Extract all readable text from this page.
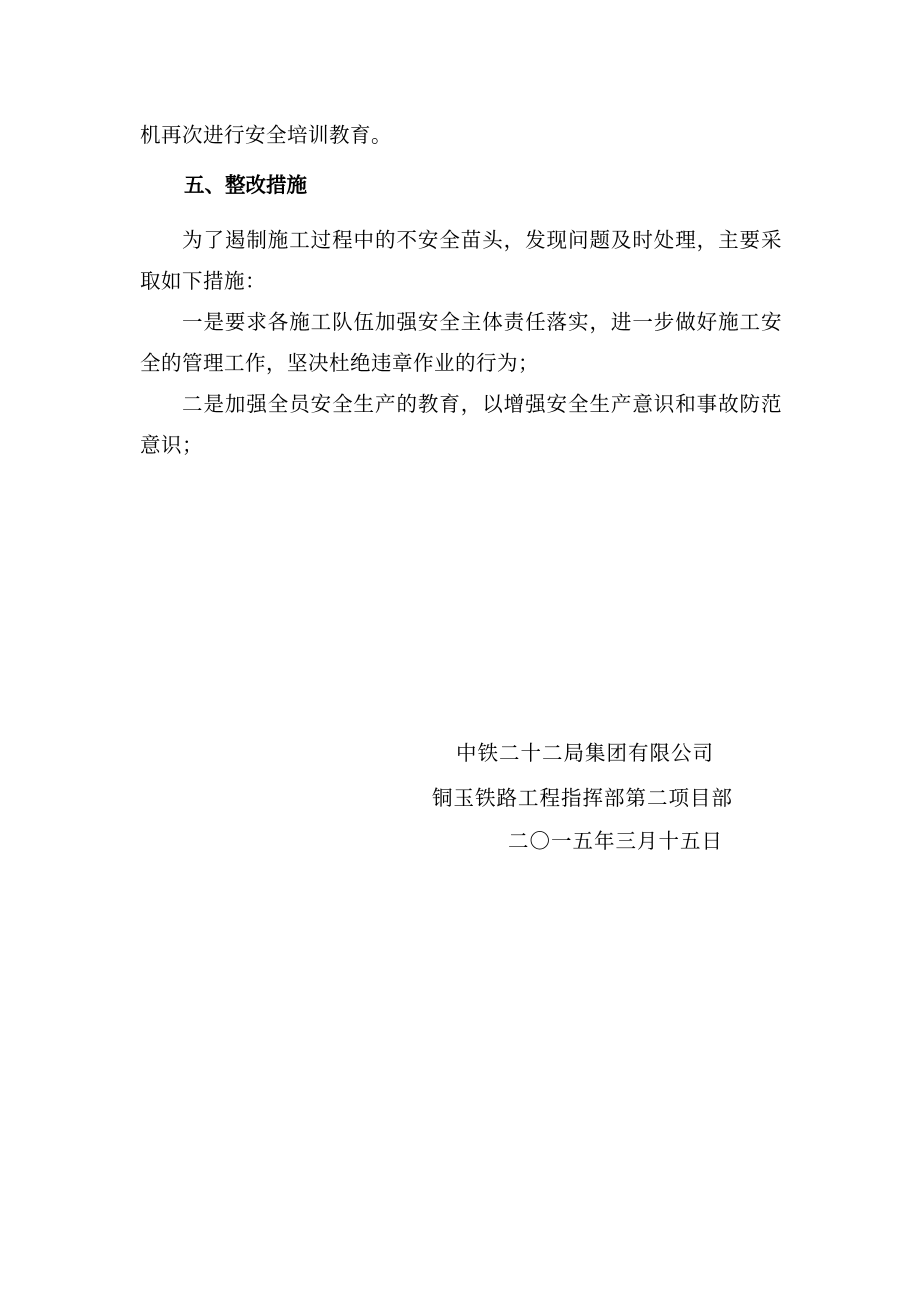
机再次进行安全培训教育。

五、整改措施

为了遏制施工过程中的不安全苗头，发现问题及时处理，主要采取如下措施：

一是要求各施工队伍加强安全主体责任落实，进一步做好施工安全的管理工作，坚决杜绝违章作业的行为；

二是加强全员安全生产的教育，以增强安全生产意识和事故防范意识；

中铁二十二局集团有限公司

铜玉铁路工程指挥部第二项目部

二〇一五年三月十五日
